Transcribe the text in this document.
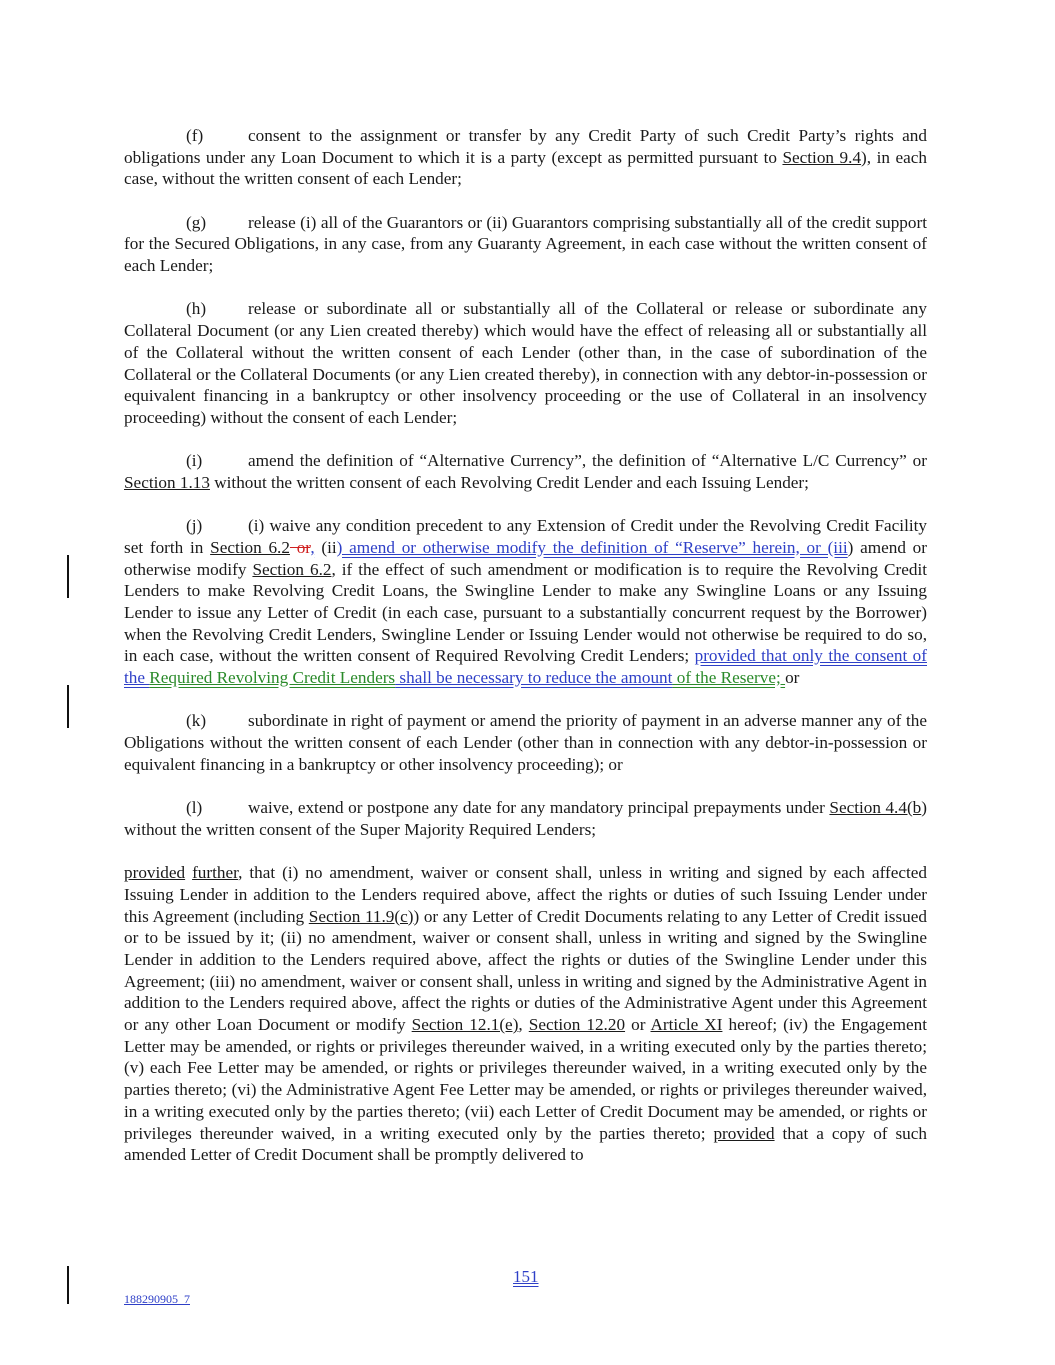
(f)	consent to the assignment or transfer by any Credit Party of such Credit Party’s rights and obligations under any Loan Document to which it is a party (except as permitted pursuant to Section 9.4), in each case, without the written consent of each Lender;

(g) release (i) all of the Guarantors or (ii) Guarantors comprising substantially all of the credit support for the Secured Obligations, in any case, from any Guaranty Agreement, in each case without the written consent of each Lender;

(h) release or subordinate all or substantially all of the Collateral or release or subordinate any Collateral Document (or any Lien created thereby) which would have the effect of releasing all or substantially all of the Collateral without the written consent of each Lender (other than, in the case of subordination of the Collateral or the Collateral Documents (or any Lien created thereby), in connection with any debtor-in-possession or equivalent financing in a bankruptcy or other insolvency proceeding or the use of Collateral in an insolvency proceeding) without the consent of each Lender;

(i)	amend the definition of “Alternative Currency”, the definition of “Alternative L/C Currency” or Section 1.13 without the written consent of each Revolving Credit Lender and each Issuing Lender;

(j)	(i) waive any condition precedent to any Extension of Credit under the Revolving Credit Facility set forth in Section 6.2 or, (ii) amend or otherwise modify the definition of “Reserve” herein, or (iii) amend or otherwise modify Section 6.2, if the effect of such amendment or modification is to require the Revolving Credit Lenders to make Revolving Credit Loans, the Swingline Lender to make any Swingline Loans or any Issuing Lender to issue any Letter of Credit (in each case, pursuant to a substantially concurrent request by the Borrower) when the Revolving Credit Lenders, Swingline Lender or Issuing Lender would not otherwise be required to do so, in each case, without the written consent of Required Revolving Credit Lenders; provided that only the consent of the Required Revolving Credit Lenders shall be necessary to reduce the amount of the Reserve; or

(k) subordinate in right of payment or amend the priority of payment in an adverse manner any of the Obligations without the written consent of each Lender (other than in connection with any debtor-in-possession or equivalent financing in a bankruptcy or other insolvency proceeding); or

(l)	waive, extend or postpone any date for any mandatory principal prepayments under Section 4.4(b) without the written consent of the Super Majority Required Lenders;

provided further, that (i) no amendment, waiver or consent shall, unless in writing and signed by each affected Issuing Lender in addition to the Lenders required above, affect the rights or duties of such Issuing Lender under this Agreement (including Section 11.9(c)) or any Letter of Credit Documents relating to any Letter of Credit issued or to be issued by it; (ii) no amendment, waiver or consent shall, unless in writing and signed by the Swingline Lender in addition to the Lenders required above, affect the rights or duties of the Swingline Lender under this Agreement; (iii) no amendment, waiver or consent shall, unless in writing and signed by the Administrative Agent in addition to the Lenders required above, affect the rights or duties of the Administrative Agent under this Agreement or any other Loan Document or modify Section 12.1(e), Section 12.20 or Article XI hereof; (iv) the Engagement Letter may be amended, or rights or privileges thereunder waived, in a writing executed only by the parties thereto; (v) each Fee Letter may be amended, or rights or privileges thereunder waived, in a writing executed only by the parties thereto; (vi) the Administrative Agent Fee Letter may be amended, or rights or privileges thereunder waived, in a writing executed only by the parties thereto; (vii) each Letter of Credit Document may be amended, or rights or privileges thereunder waived, in a writing executed only by the parties thereto; provided that a copy of such amended Letter of Credit Document shall be promptly delivered to

151
188290905_7
